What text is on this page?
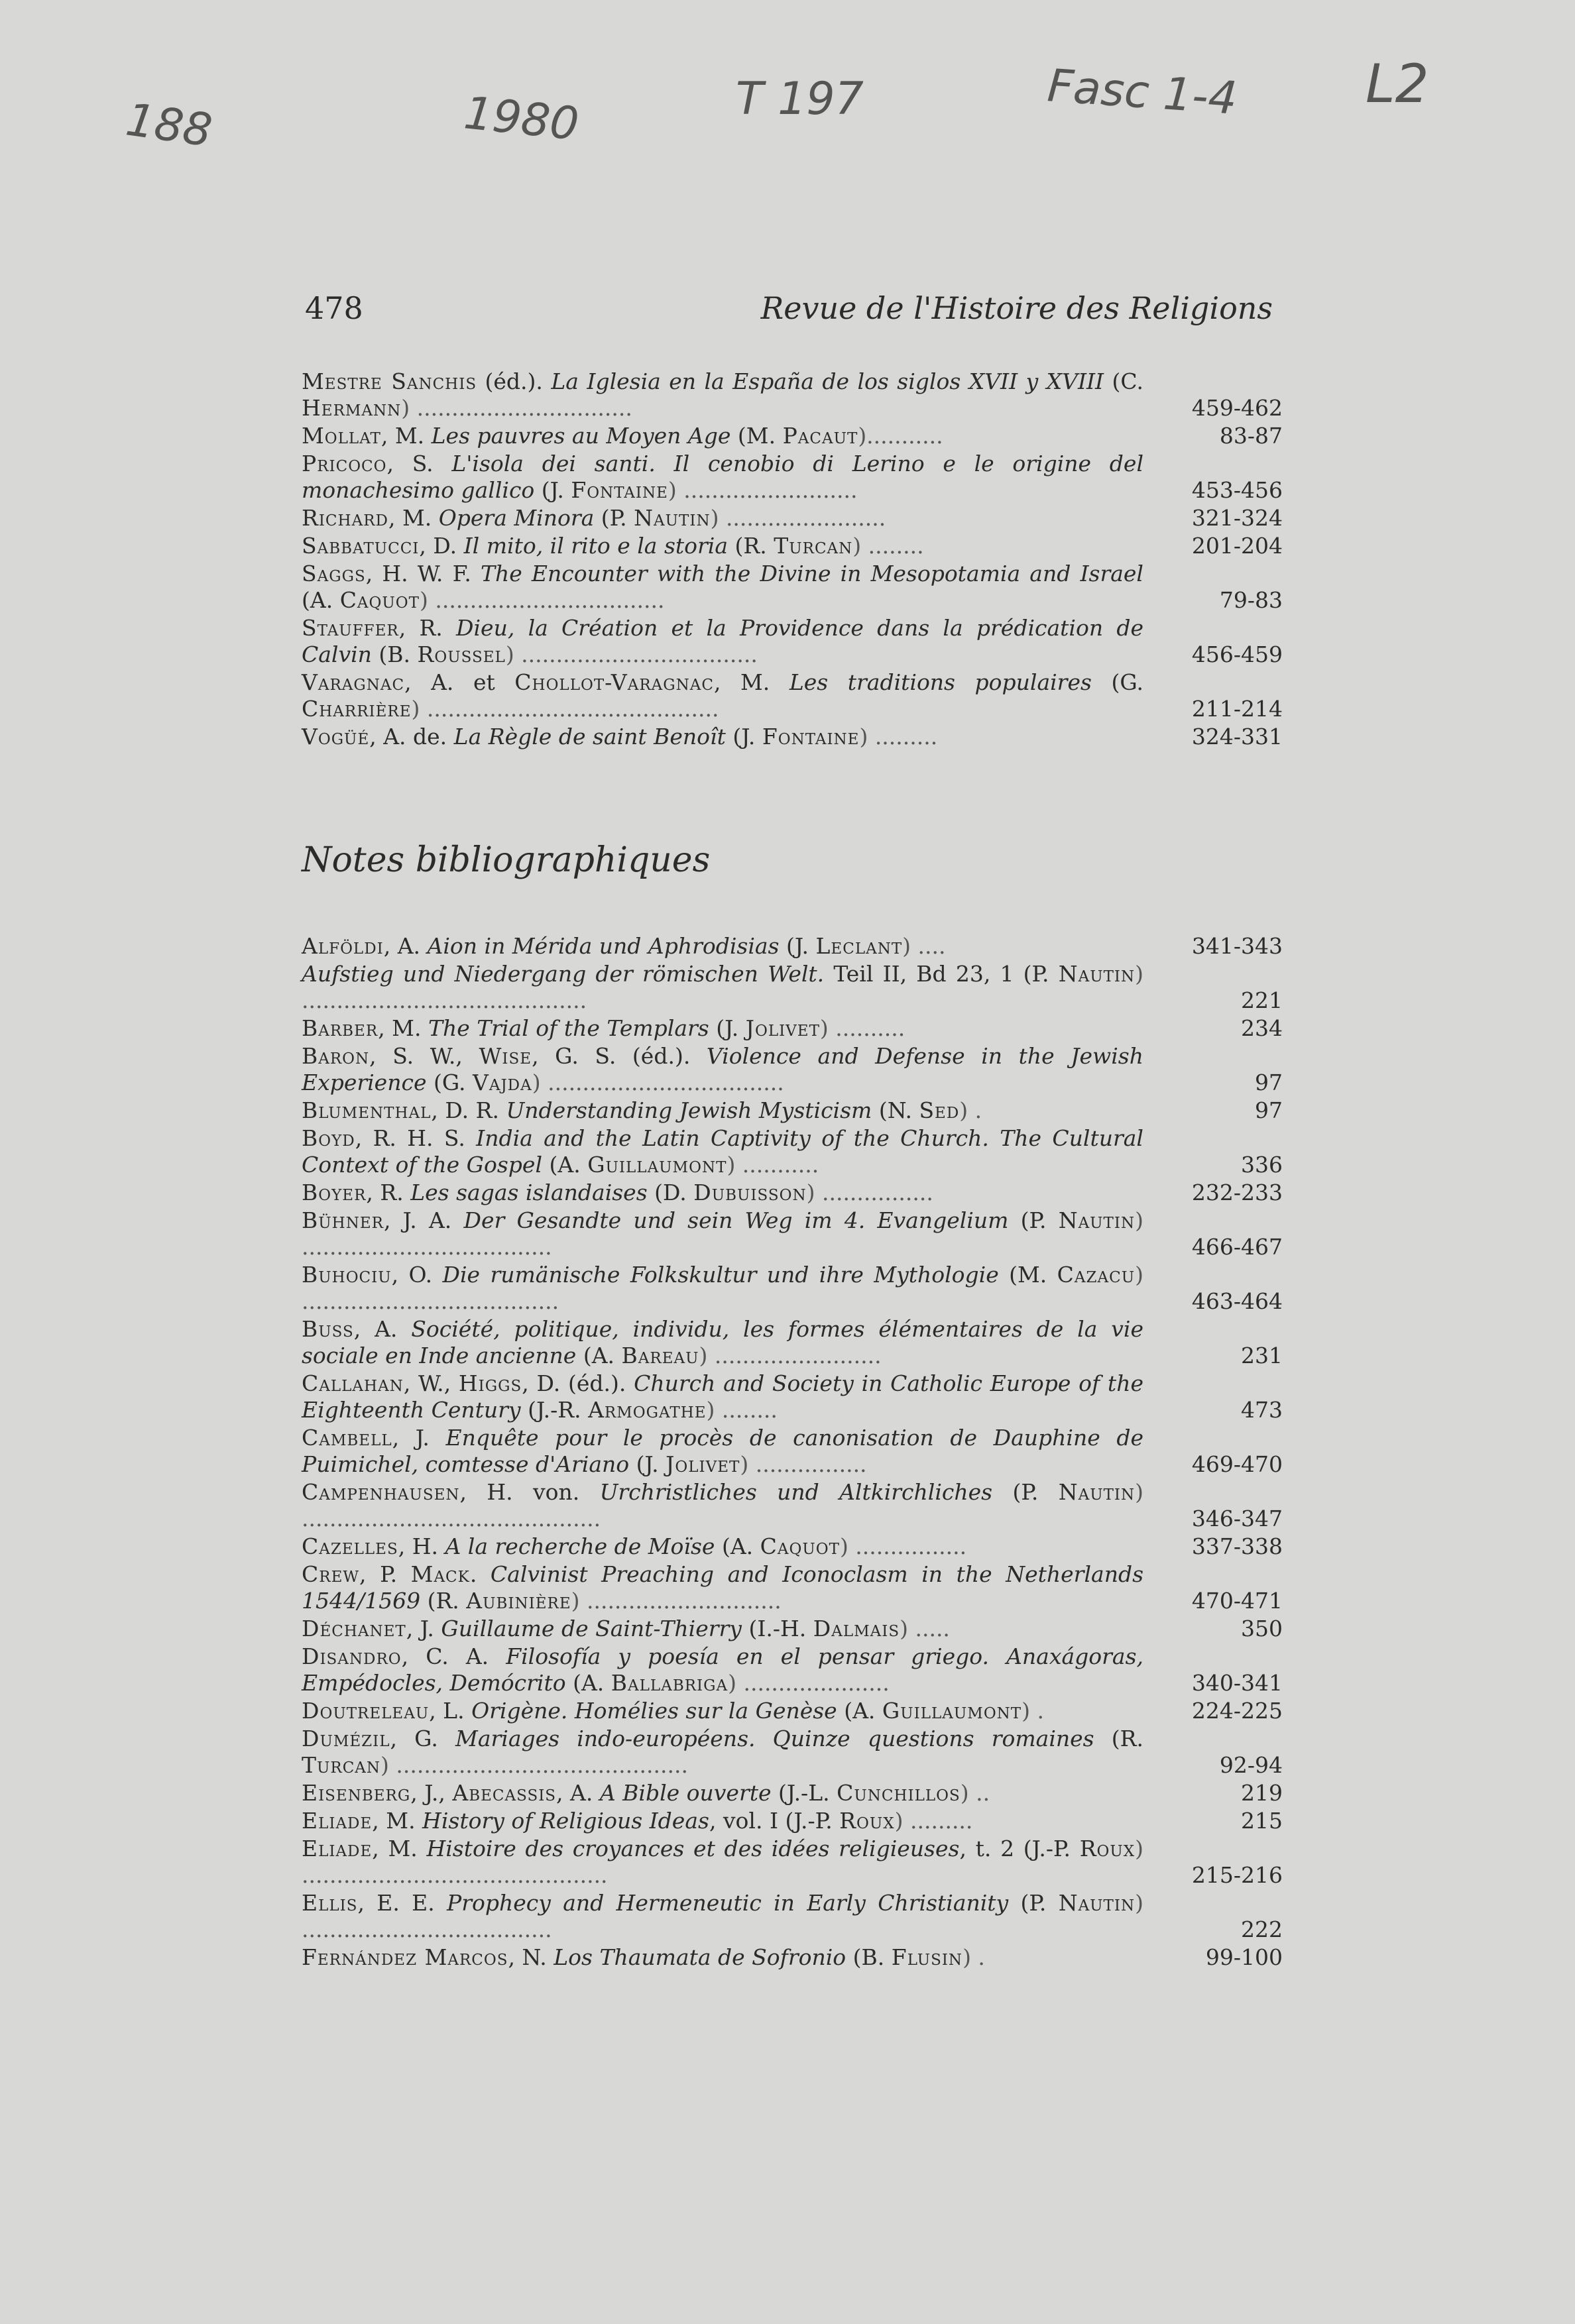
188	1980	T 197	Fasc 1-4 L2
478	Revue de l'Histoire des Religions
Mestre Sanchis (éd.). La Iglesia en la España de los siglos XVII y XVIII (C. Hermann) ...............................	459-462
Mollat, M. Les pauvres au Moyen Age (M. Pacaut)...........	83-87
Pricoco, S. L'isola dei santi. Il cenobio di Lerino e le origine del monachesimo gallico (J. Fontaine) .........................	453-456
Richard, M. Opera Minora (P. Nautin) .......................	321-324
Sabbatucci, D. Il mito, il rito e la storia (R. Turcan) ........	201-204
Saggs, H. W. F. The Encounter with the Divine in Mesopotamia and Israel (A. Caquot) .................................	79-83
Stauffer, R. Dieu, la Création et la Providence dans la prédication de Calvin (B. Roussel) ..................................	456-459
Varagnac, A. et Chollot-Varagnac, M. Les traditions populaires (G. Charrière) ..........................................	211-214
Vogüé, A. de. La Règle de saint Benoît (J. Fontaine) .........	324-331
Notes bibliographiques
Alföldi, A. Aion in Mérida und Aphrodisias (J. Leclant) ....	341-343
Aufstieg und Niedergang der römischen Welt. Teil II, Bd 23, 1 (P. Nautin) .........................................	221
Barber, M. The Trial of the Templars (J. Jolivet) ..........	234
Baron, S. W., Wise, G. S. (éd.). Violence and Defense in the Jewish Experience (G. Vajda) ..................................	97
Blumenthal, D. R. Understanding Jewish Mysticism (N. Sed) .	97
Boyd, R. H. S. India and the Latin Captivity of the Church. The Cultural Context of the Gospel (A. Guillaumont) ...........	336
Boyer, R. Les sagas islandaises (D. Dubuisson) ................	232-233
Bühner, J. A. Der Gesandte und sein Weg im 4. Evangelium (P. Nautin) ....................................	466-467
Buhociu, O. Die rumänische Folkskultur und ihre Mythologie (M. Cazacu) .....................................	463-464
Buss, A. Société, politique, individu, les formes élémentaires de la vie sociale en Inde ancienne (A. Bareau) ........................	231
Callahan, W., Higgs, D. (éd.). Church and Society in Catholic Europe of the Eighteenth Century (J.-R. Armogathe) ........	473
Cambell, J. Enquête pour le procès de canonisation de Dauphine de Puimichel, comtesse d'Ariano (J. Jolivet) ................	469-470
Campenhausen, H. von. Urchristliches und Altkirchliches (P. Nautin) ...........................................	346-347
Cazelles, H. A la recherche de Moïse (A. Caquot) ................	337-338
Crew, P. Mack. Calvinist Preaching and Iconoclasm in the Netherlands 1544/1569 (R. Aubinière) ............................	470-471
Déchanet, J. Guillaume de Saint-Thierry (I.-H. Dalmais) .....	350
Disandro, C. A. Filosofía y poesía en el pensar griego. Anaxágoras, Empédocles, Demócrito (A. Ballabriga) .....................	340-341
Doutreleau, L. Origène. Homélies sur la Genèse (A. Guillaumont) .	224-225
Dumézil, G. Mariages indo-européens. Quinze questions romaines (R. Turcan) ..........................................	92-94
Eisenberg, J., Abecassis, A. A Bible ouverte (J.-L. Cunchillos) ..	219
Eliade, M. History of Religious Ideas, vol. I (J.-P. Roux) .........	215
Eliade, M. Histoire des croyances et des idées religieuses, t. 2 (J.-P. Roux) ............................................	215-216
Ellis, E. E. Prophecy and Hermeneutic in Early Christianity (P. Nautin) ....................................	222
Fernández Marcos, N. Los Thaumata de Sofronio (B. Flusin) .	99-100
